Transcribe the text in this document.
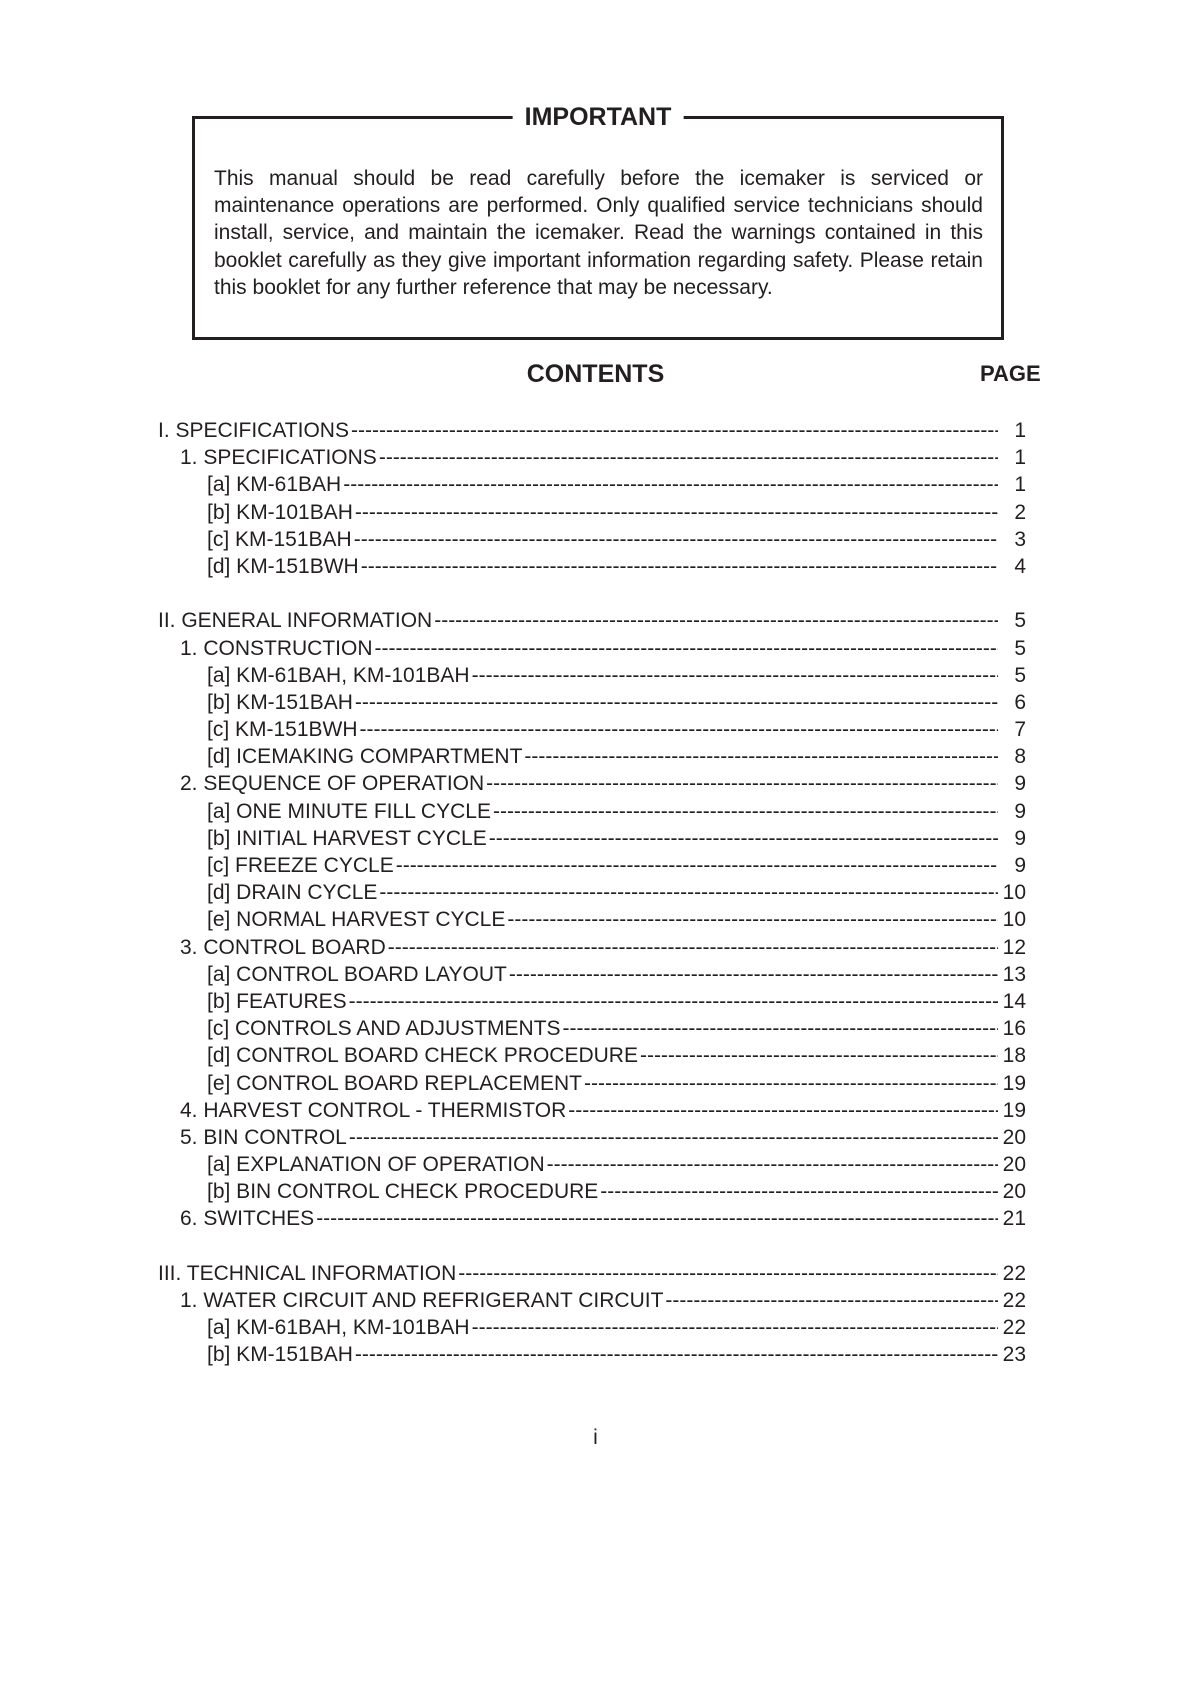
IMPORTANT

This manual should be read carefully before the icemaker is serviced or maintenance operations are performed. Only qualified service technicians should install, service, and maintain the icemaker. Read the warnings contained in this booklet carefully as they give important information regarding safety. Please retain this booklet for any further reference that may be necessary.

CONTENTS	PAGE
I. SPECIFICATIONS -----	1
1. SPECIFICATIONS -----	1
[a] KM-61BAH -----	1
[b] KM-101BAH -----	2
[c] KM-151BAH -----	3
[d] KM-151BWH -----	4
II. GENERAL INFORMATION -----	5
1. CONSTRUCTION -----	5
[a] KM-61BAH, KM-101BAH -----	5
[b] KM-151BAH -----	6
[c] KM-151BWH -----	7
[d] ICEMAKING COMPARTMENT -----	8
2. SEQUENCE OF OPERATION -----	9
[a] ONE MINUTE FILL CYCLE -----	9
[b] INITIAL HARVEST CYCLE -----	9
[c] FREEZE CYCLE -----	9
[d] DRAIN CYCLE -----	10
[e] NORMAL HARVEST CYCLE -----	10
3. CONTROL BOARD -----	12
[a] CONTROL BOARD LAYOUT -----	13
[b] FEATURES -----	14
[c] CONTROLS AND ADJUSTMENTS -----	16
[d] CONTROL BOARD CHECK PROCEDURE -----	18
[e] CONTROL BOARD REPLACEMENT -----	19
4. HARVEST CONTROL - THERMISTOR -----	19
5. BIN CONTROL -----	20
[a] EXPLANATION OF OPERATION -----	20
[b] BIN CONTROL CHECK PROCEDURE -----	20
6. SWITCHES -----	21
III. TECHNICAL INFORMATION -----	22
1. WATER CIRCUIT AND REFRIGERANT CIRCUIT -----	22
[a] KM-61BAH, KM-101BAH -----	22
[b] KM-151BAH -----	23
i
